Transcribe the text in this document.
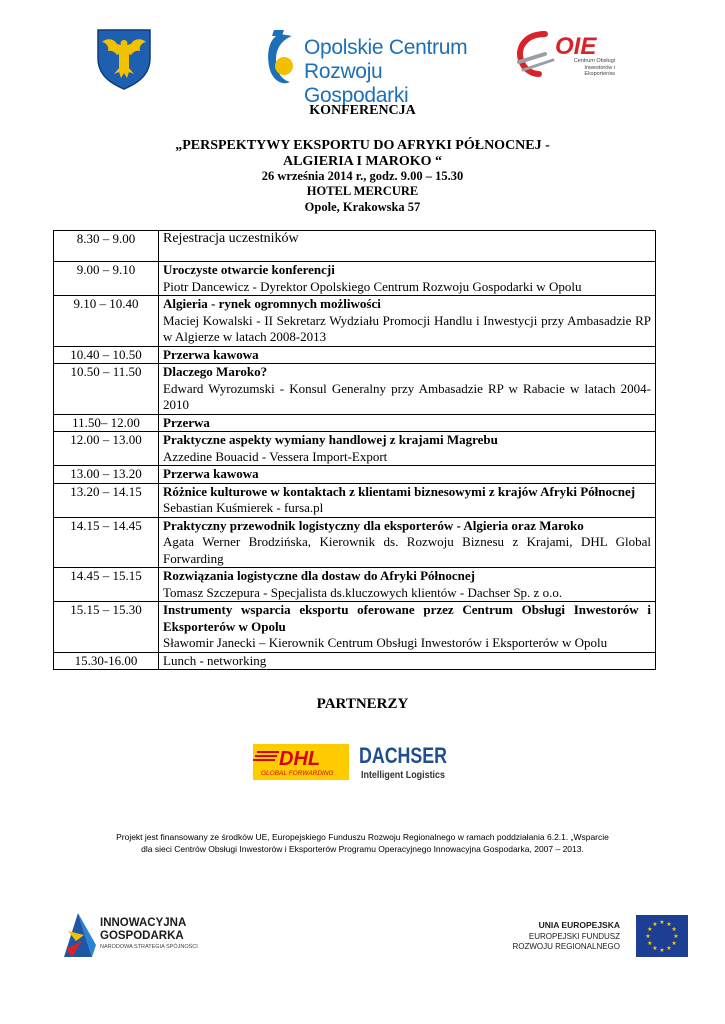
Opolskie Centrum
Rozwoju Gospodarki
OIE
Centrum Obsługi
Inwestorów i Eksporterów
KONFERENCJA
„PERSPEKTYWY EKSPORTU DO AFRYKI PÓŁNOCNEJ -
ALGIERIA I MAROKO “
26 września 2014 r., godz. 9.00 – 15.30
HOTEL MERCURE
Opole, Krakowska 57
8.30 – 9.00	Rejestracja uczestników
9.00 – 9.10	Uroczyste otwarcie konferencji
Piotr Dancewicz - Dyrektor Opolskiego Centrum Rozwoju Gospodarki w Opolu

9.10 – 10.40	Algieria - rynek ogromnych możliwości
Maciej Kowalski - II Sekretarz Wydziału Promocji Handlu i Inwestycji przy Ambasadzie RP w Algierze w latach 2008-2013

10.40 – 10.50	Przerwa kawowa

10.50 – 11.50	Dlaczego Maroko?
Edward Wyrozumski - Konsul Generalny przy Ambasadzie RP w Rabacie w latach 2004-2010

11.50– 12.00	Przerwa

12.00 – 13.00	Praktyczne aspekty wymiany handlowej z krajami Magrebu
Azzedine Bouacid - Vessera Import-Export

13.00 – 13.20	Przerwa kawowa

13.20 – 14.15	Różnice kulturowe w kontaktach z klientami biznesowymi z krajów Afryki Północnej
Sebastian Kuśmierek - fursa.pl

14.15 – 14.45	Praktyczny przewodnik logistyczny dla eksporterów - Algieria oraz Maroko
Agata Werner Brodzińska, Kierownik ds. Rozwoju Biznesu z Krajami, DHL Global Forwarding

14.45 – 15.15	Rozwiązania logistyczne dla dostaw do Afryki Północnej
Tomasz Szczepura - Specjalista ds.kluczowych klientów - Dachser Sp. z o.o.

15.15 – 15.30	Instrumenty wsparcia eksportu oferowane przez Centrum Obsługi Inwestorów i Eksporterów w Opolu
Sławomir Janecki – Kierownik Centrum Obsługi Inwestorów i Eksporterów w Opolu

15.30-16.00	Lunch - networking
PARTNERZY
DHL
GLOBAL FORWARDING
DACHSER
Intelligent Logistics
Projekt jest finansowany ze środków UE, Europejskiego Funduszu Rozwoju Regionalnego w ramach poddziałania 6.2.1. „Wsparcie
dla sieci Centrów Obsługi Inwestorów i Eksporterów Programu Operacyjnego Innowacyjna Gospodarka, 2007 – 2013.
INNOWACYJNA
GOSPODARKA
NARODOWA STRATEGIA SPÓJNOŚCI
UNIA EUROPEJSKA
EUROPEJSKI FUNDUSZ
ROZWOJU REGIONALNEGO
★ ★
★
★
★
★
★
★
★
★
★
★
